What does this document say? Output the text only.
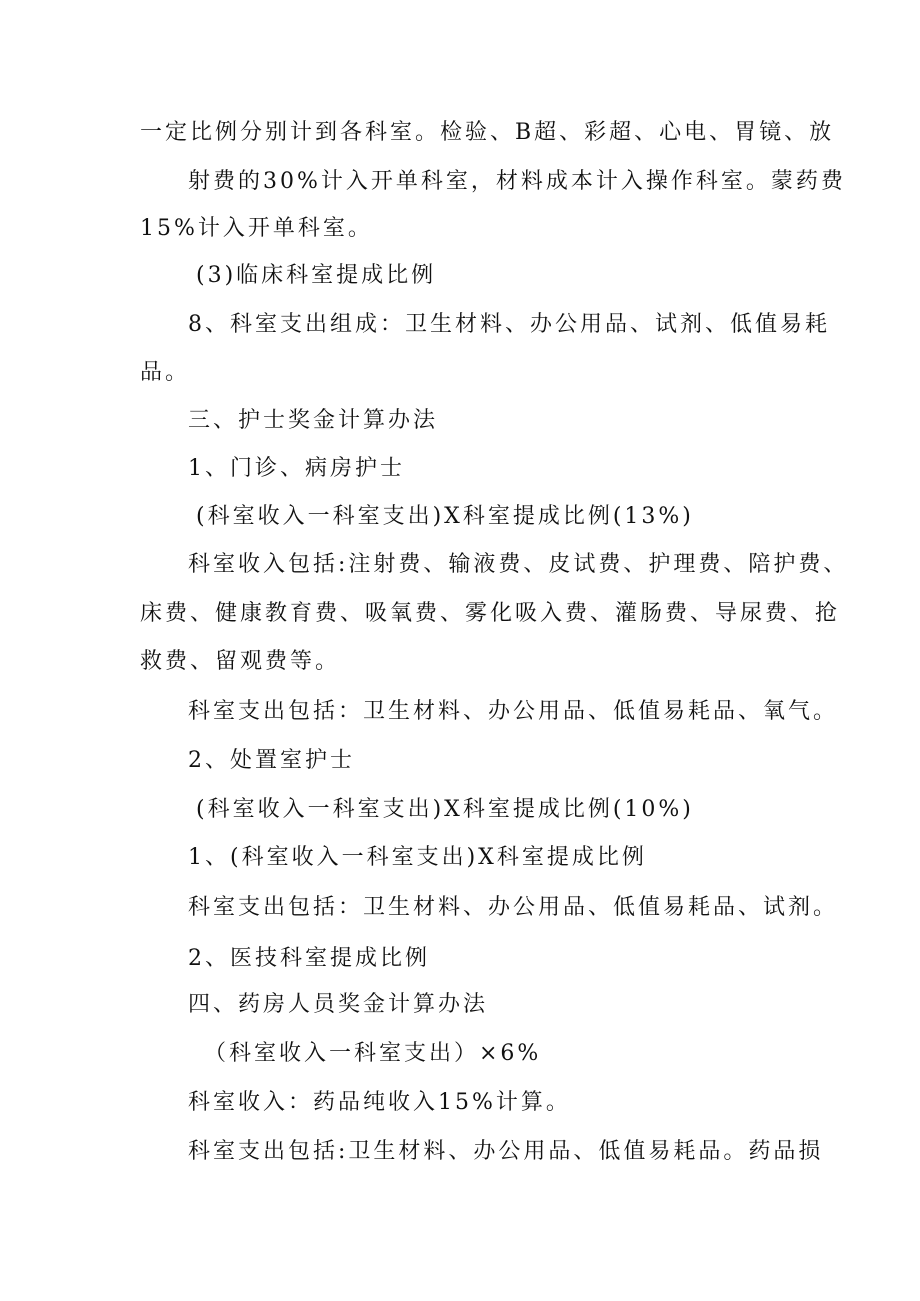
一定比例分别计到各科室。检验、B超、彩超、心电、胃镜、放
射费的30%计入开单科室，材料成本计入操作科室。蒙药费
15%计入开单科室。
(3)临床科室提成比例
8、科室支出组成：卫生材料、办公用品、试剂、低值易耗
品。
三、护士奖金计算办法
1、门诊、病房护士
(科室收入一科室支出)X科室提成比例(13%)
科室收入包括:注射费、输液费、皮试费、护理费、陪护费、
床费、健康教育费、吸氧费、雾化吸入费、灌肠费、导尿费、抢
救费、留观费等。
科室支出包括：卫生材料、办公用品、低值易耗品、氧气。
2、处置室护士
(科室收入一科室支出)X科室提成比例(10%)
1、(科室收入一科室支出)X科室提成比例
科室支出包括：卫生材料、办公用品、低值易耗品、试剂。
2、医技科室提成比例
四、药房人员奖金计算办法
（科室收入一科室支出）×6%
科室收入：药品纯收入15%计算。
科室支出包括:卫生材料、办公用品、低值易耗品。药品损
